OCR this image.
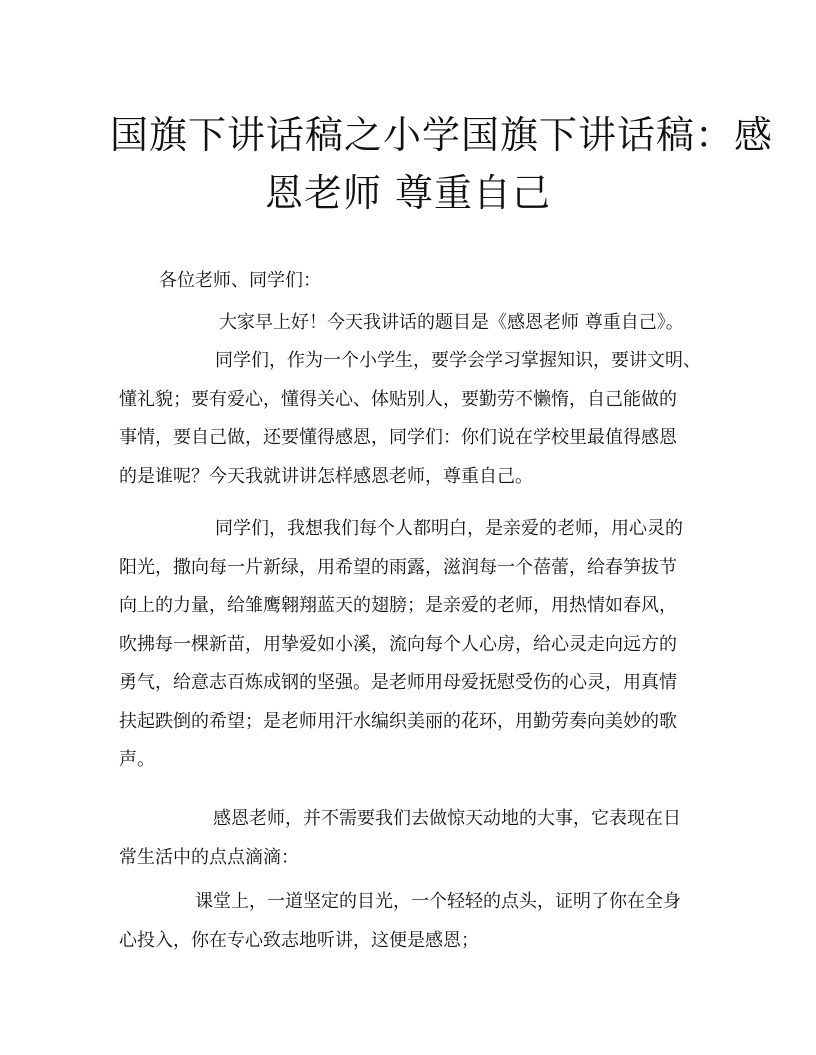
国旗下讲话稿之小学国旗下讲话稿：感
恩老师 尊重自己

各位老师、同学们：

大家早上好！今天我讲话的题目是《感恩老师 尊重自己》。

同学们，作为一个小学生，要学会学习掌握知识，要讲文明、
懂礼貌；要有爱心，懂得关心、体贴别人，要勤劳不懒惰，自己能做的
事情，要自己做，还要懂得感恩，同学们：你们说在学校里最值得感恩
的是谁呢？今天我就讲讲怎样感恩老师，尊重自己。

同学们，我想我们每个人都明白，是亲爱的老师，用心灵的
阳光，撒向每一片新绿，用希望的雨露，滋润每一个蓓蕾，给春笋拔节
向上的力量，给雏鹰翱翔蓝天的翅膀；是亲爱的老师，用热情如春风，
吹拂每一棵新苗，用挚爱如小溪，流向每个人心房，给心灵走向远方的
勇气，给意志百炼成钢的坚强。是老师用母爱抚慰受伤的心灵，用真情
扶起跌倒的希望；是老师用汗水编织美丽的花环，用勤劳奏向美妙的歌
声。

感恩老师，并不需要我们去做惊天动地的大事，它表现在日
常生活中的点点滴滴：

课堂上，一道坚定的目光，一个轻轻的点头，证明了你在全身
心投入，你在专心致志地听讲，这便是感恩；
